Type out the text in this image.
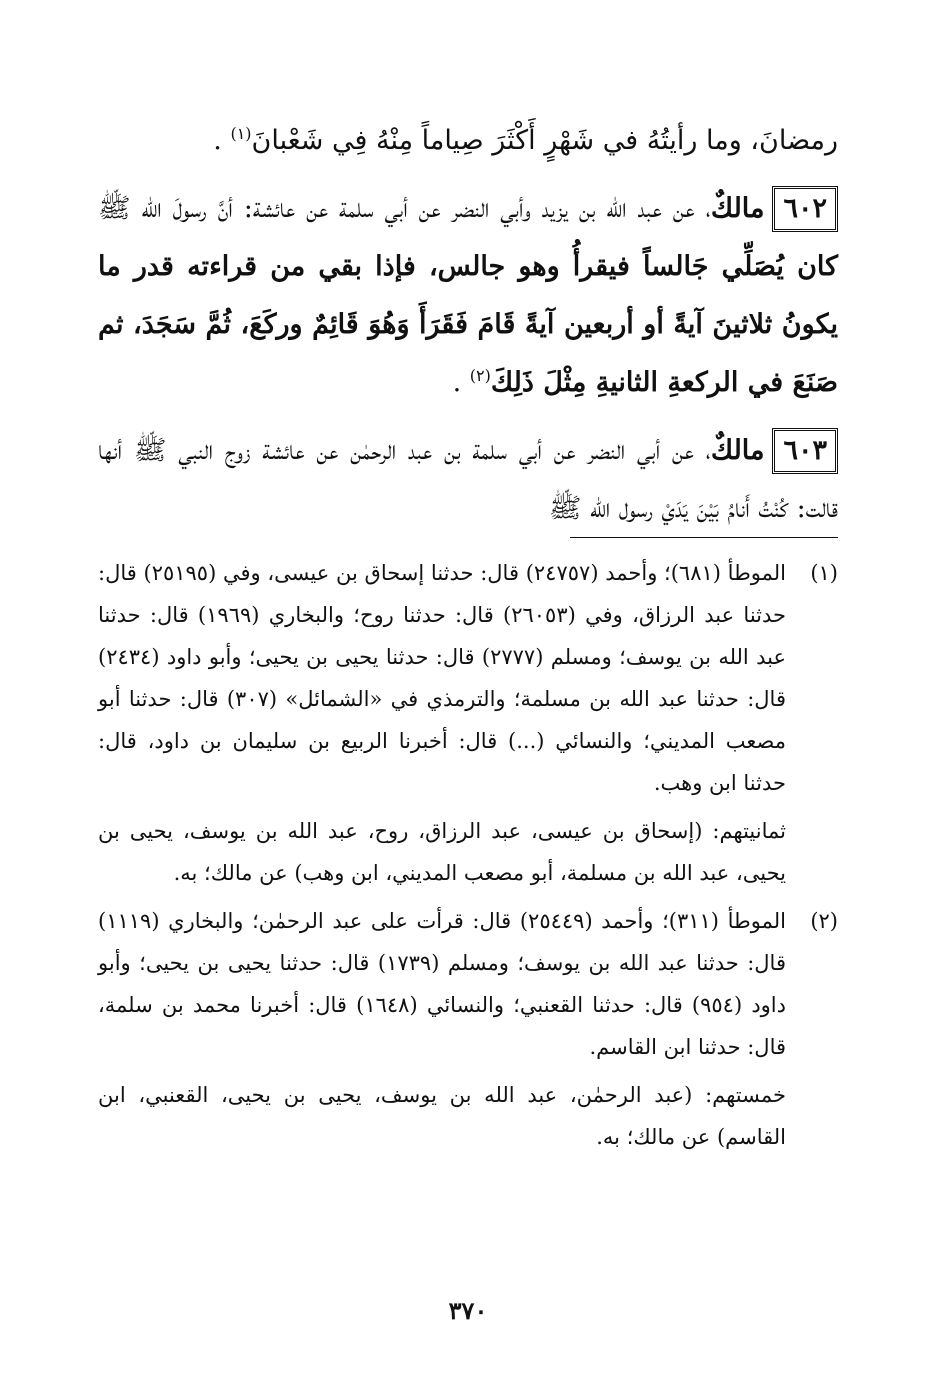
رمضانَ، وما رأيتُهُ في شَهْرٍ أَكْثَرَ صِياماً مِنْهُ فِي شَعْبانَ$^{(١)}$ .

٦٠٢مالكٌ، عن عبد الله بن يزيد وأبي النضر عن أبي سلمة عن عائشة: أنَّ رسولَ الله ﷺ كان يُصَلِّي جَالساً فيقرأُ وهو جالس، فإذا بقي من قراءته قدر ما يكونُ ثلاثينَ آيةً أو أربعين آيةً قَامَ فَقَرَأَ وَهُوَ قَائِمٌ وركَعَ، ثُمَّ سَجَدَ، ثم صَنَعَ في الركعةِ الثانيةِ مِثْلَ ذَلِكَ$^{(٢)}$ .

٦٠٣مالكٌ، عن أبي النضر عن أبي سلمة بن عبد الرحمٰن عن عائشة زوج النبي ﷺ أنها قالت: كُنْتُ أَنامُ بَيْنَ يَدَيْ رسول الله ﷺ

(١)

الموطأ (٦٨١)؛ وأحمد (٢٤٧٥٧) قال: حدثنا إسحاق بن عيسى، وفي (٢٥١٩٥) قال: حدثنا عبد الرزاق، وفي (٢٦٠٥٣) قال: حدثنا روح؛ والبخاري (١٩٦٩) قال: حدثنا عبد الله بن يوسف؛ ومسلم (٢٧٧٧) قال: حدثنا يحيى بن يحيى؛ وأبو داود (٢٤٣٤) قال: حدثنا عبد الله بن مسلمة؛ والترمذي في «الشمائل» (٣٠٧) قال: حدثنا أبو مصعب المديني؛ والنسائي (...) قال: أخبرنا الربيع بن سليمان بن داود، قال: حدثنا ابن وهب.

ثمانيتهم: (إسحاق بن عيسى، عبد الرزاق، روح، عبد الله بن يوسف، يحيى بن يحيى، عبد الله بن مسلمة، أبو مصعب المديني، ابن وهب) عن مالك؛ به.

(٢)

الموطأ (٣١١)؛ وأحمد (٢٥٤٤٩) قال: قرأت على عبد الرحمٰن؛ والبخاري (١١١٩) قال: حدثنا عبد الله بن يوسف؛ ومسلم (١٧٣٩) قال: حدثنا يحيى بن يحيى؛ وأبو داود (٩٥٤) قال: حدثنا القعنبي؛ والنسائي (١٦٤٨) قال: أخبرنا محمد بن سلمة، قال: حدثنا ابن القاسم.

خمستهم: (عبد الرحمٰن، عبد الله بن يوسف، يحيى بن يحيى، القعنبي، ابن القاسم) عن مالك؛ به.

٣٧٠
